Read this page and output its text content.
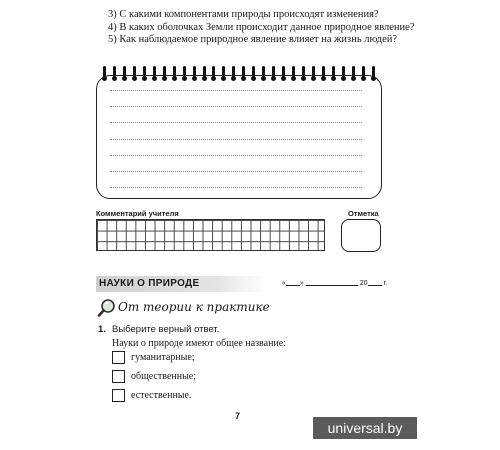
3) С какими компонентами природы происходят изменения?
4) В каких оболочках Земли происходит данное природное явление?
5) Как наблюдаемое природное явление влияет на жизнь людей?
Комментарий учителя	Отметка
НАУКИ О ПРИРОДЕ	« »	20 г.
От теории к практике
1. Выберите верный ответ.
Науки о природе имеют общее название:
гуманитарные;
общественные;
естественные.
7
universal.by
